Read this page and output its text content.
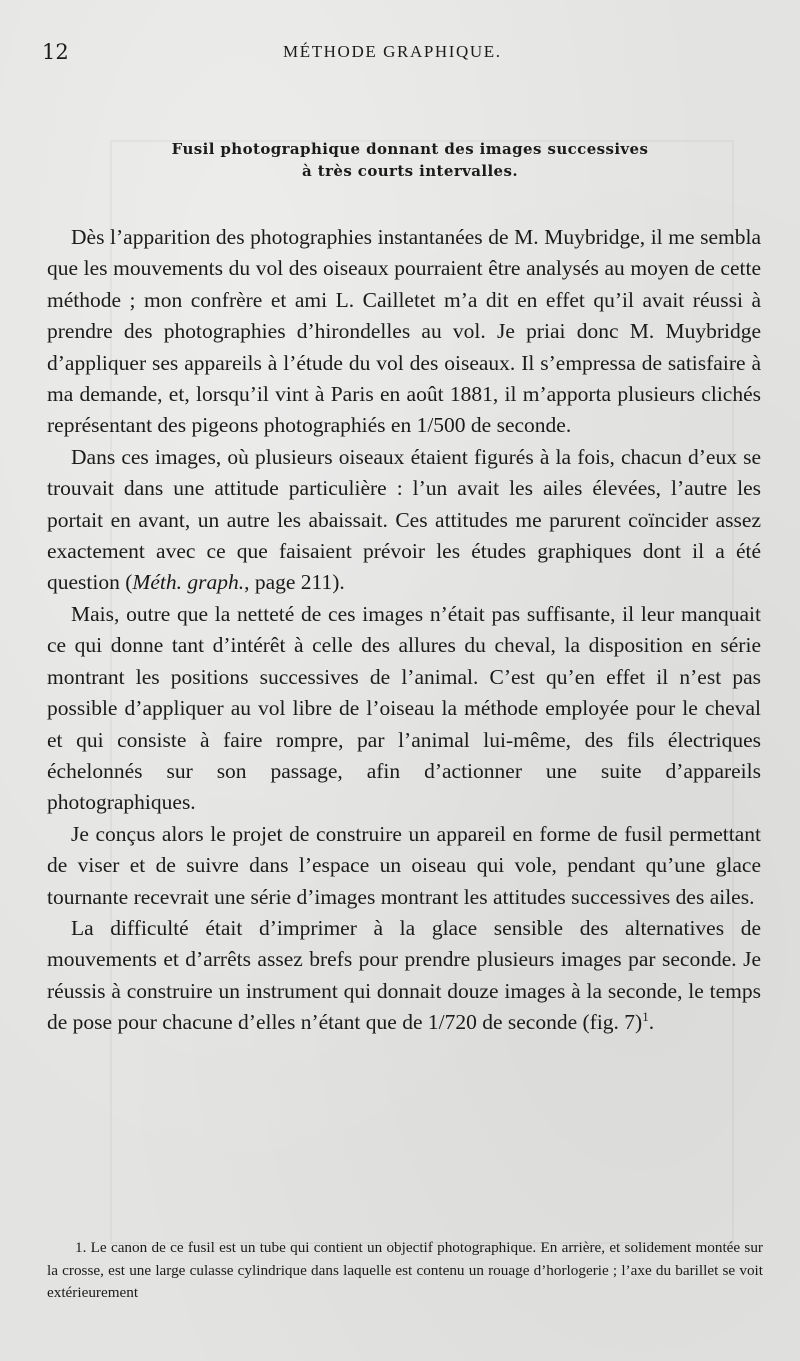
12	MÉTHODE GRAPHIQUE.
Fusil photographique donnant des images successives
à très courts intervalles.

Dès l’apparition des photographies instantanées de M. Muybridge, il me sembla que les mouvements du vol des oiseaux pourraient être analysés au moyen de cette méthode ; mon confrère et ami L. Cailletet m’a dit en effet qu’il avait réussi à prendre des photographies d’hirondelles au vol. Je priai donc M. Muybridge d’appliquer ses appareils à l’étude du vol des oiseaux. Il s’empressa de satisfaire à ma demande, et, lorsqu’il vint à Paris en août 1881, il m’apporta plusieurs clichés représentant des pigeons photographiés en 1/500 de seconde.

Dans ces images, où plusieurs oiseaux étaient figurés à la fois, chacun d’eux se trouvait dans une attitude particulière : l’un avait les ailes élevées, l’autre les portait en avant, un autre les abaissait. Ces attitudes me parurent coïncider assez exactement avec ce que faisaient prévoir les études graphiques dont il a été question (Méth. graph., page 211).

Mais, outre que la netteté de ces images n’était pas suffisante, il leur manquait ce qui donne tant d’intérêt à celle des allures du cheval, la disposition en série montrant les positions successives de l’animal. C’est qu’en effet il n’est pas possible d’appliquer au vol libre de l’oiseau la méthode employée pour le cheval et qui consiste à faire rompre, par l’animal lui-même, des fils électriques échelonnés sur son passage, afin d’actionner une suite d’appareils photographiques.

Je conçus alors le projet de construire un appareil en forme de fusil permettant de viser et de suivre dans l’espace un oiseau qui vole, pendant qu’une glace tournante recevrait une série d’images montrant les attitudes successives des ailes.

La difficulté était d’imprimer à la glace sensible des alternatives de mouvements et d’arrêts assez brefs pour prendre plusieurs images par seconde. Je réussis à construire un instrument qui donnait douze images à la seconde, le temps de pose pour chacune d’elles n’étant que de 1/720 de seconde (fig. 7)$^1$.

1. Le canon de ce fusil est un tube qui contient un objectif photographique. En arrière, et solidement montée sur la crosse, est une large culasse cylindrique dans laquelle est contenu un rouage d’horlogerie ; l’axe du barillet se voit extérieurement
